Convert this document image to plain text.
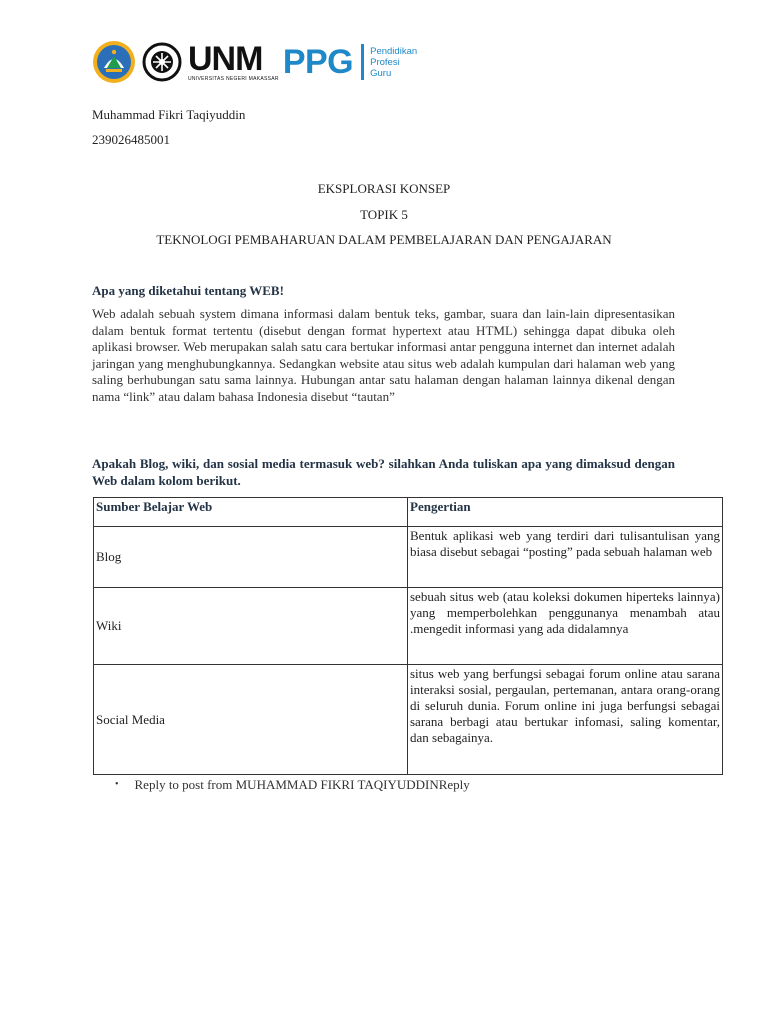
UNM
UNIVERSITAS NEGERI MAKASSAR PPG Pendidikan
Profesi
Guru
Muhammad Fikri Taqiyuddin
239026485001
EKSPLORASI KONSEP
TOPIK 5
TEKNOLOGI PEMBAHARUAN DALAM PEMBELAJARAN DAN PENGAJARAN
Apa yang diketahui tentang WEB!
Web adalah sebuah system dimana informasi dalam bentuk teks, gambar, suara dan lain-lain dipresentasikan dalam bentuk format tertentu (disebut dengan format hypertext atau HTML) sehingga dapat dibuka oleh aplikasi browser. Web merupakan salah satu cara bertukar informasi antar pengguna internet dan internet adalah jaringan yang menghubungkannya. Sedangkan website atau situs web adalah kumpulan dari halaman web yang saling berhubungan satu sama lainnya. Hubungan antar satu halaman dengan halaman lainnya dikenal dengan nama “link” atau dalam bahasa Indonesia disebut “tautan”
Apakah Blog, wiki, dan sosial media termasuk web? silahkan Anda tuliskan apa yang dimaksud dengan Web dalam kolom berikut.
Sumber Belajar Web	Pengertian
Blog	Bentuk aplikasi web yang terdiri dari tulisantulisan yang biasa disebut sebagai “posting” pada sebuah halaman web
Wiki	sebuah situs web (atau koleksi dokumen hiperteks lainnya) yang memperbolehkan penggunanya menambah atau .mengedit informasi yang ada didalamnya
Social Media	situs web yang berfungsi sebagai forum online atau sarana interaksi sosial, pergaulan, pertemanan, antara orang-orang di seluruh dunia. Forum online ini juga berfungsi sebagai sarana berbagi atau bertukar infomasi, saling komentar, dan sebagainya.
• Reply to post from MUHAMMAD FIKRI TAQIYUDDINReply
